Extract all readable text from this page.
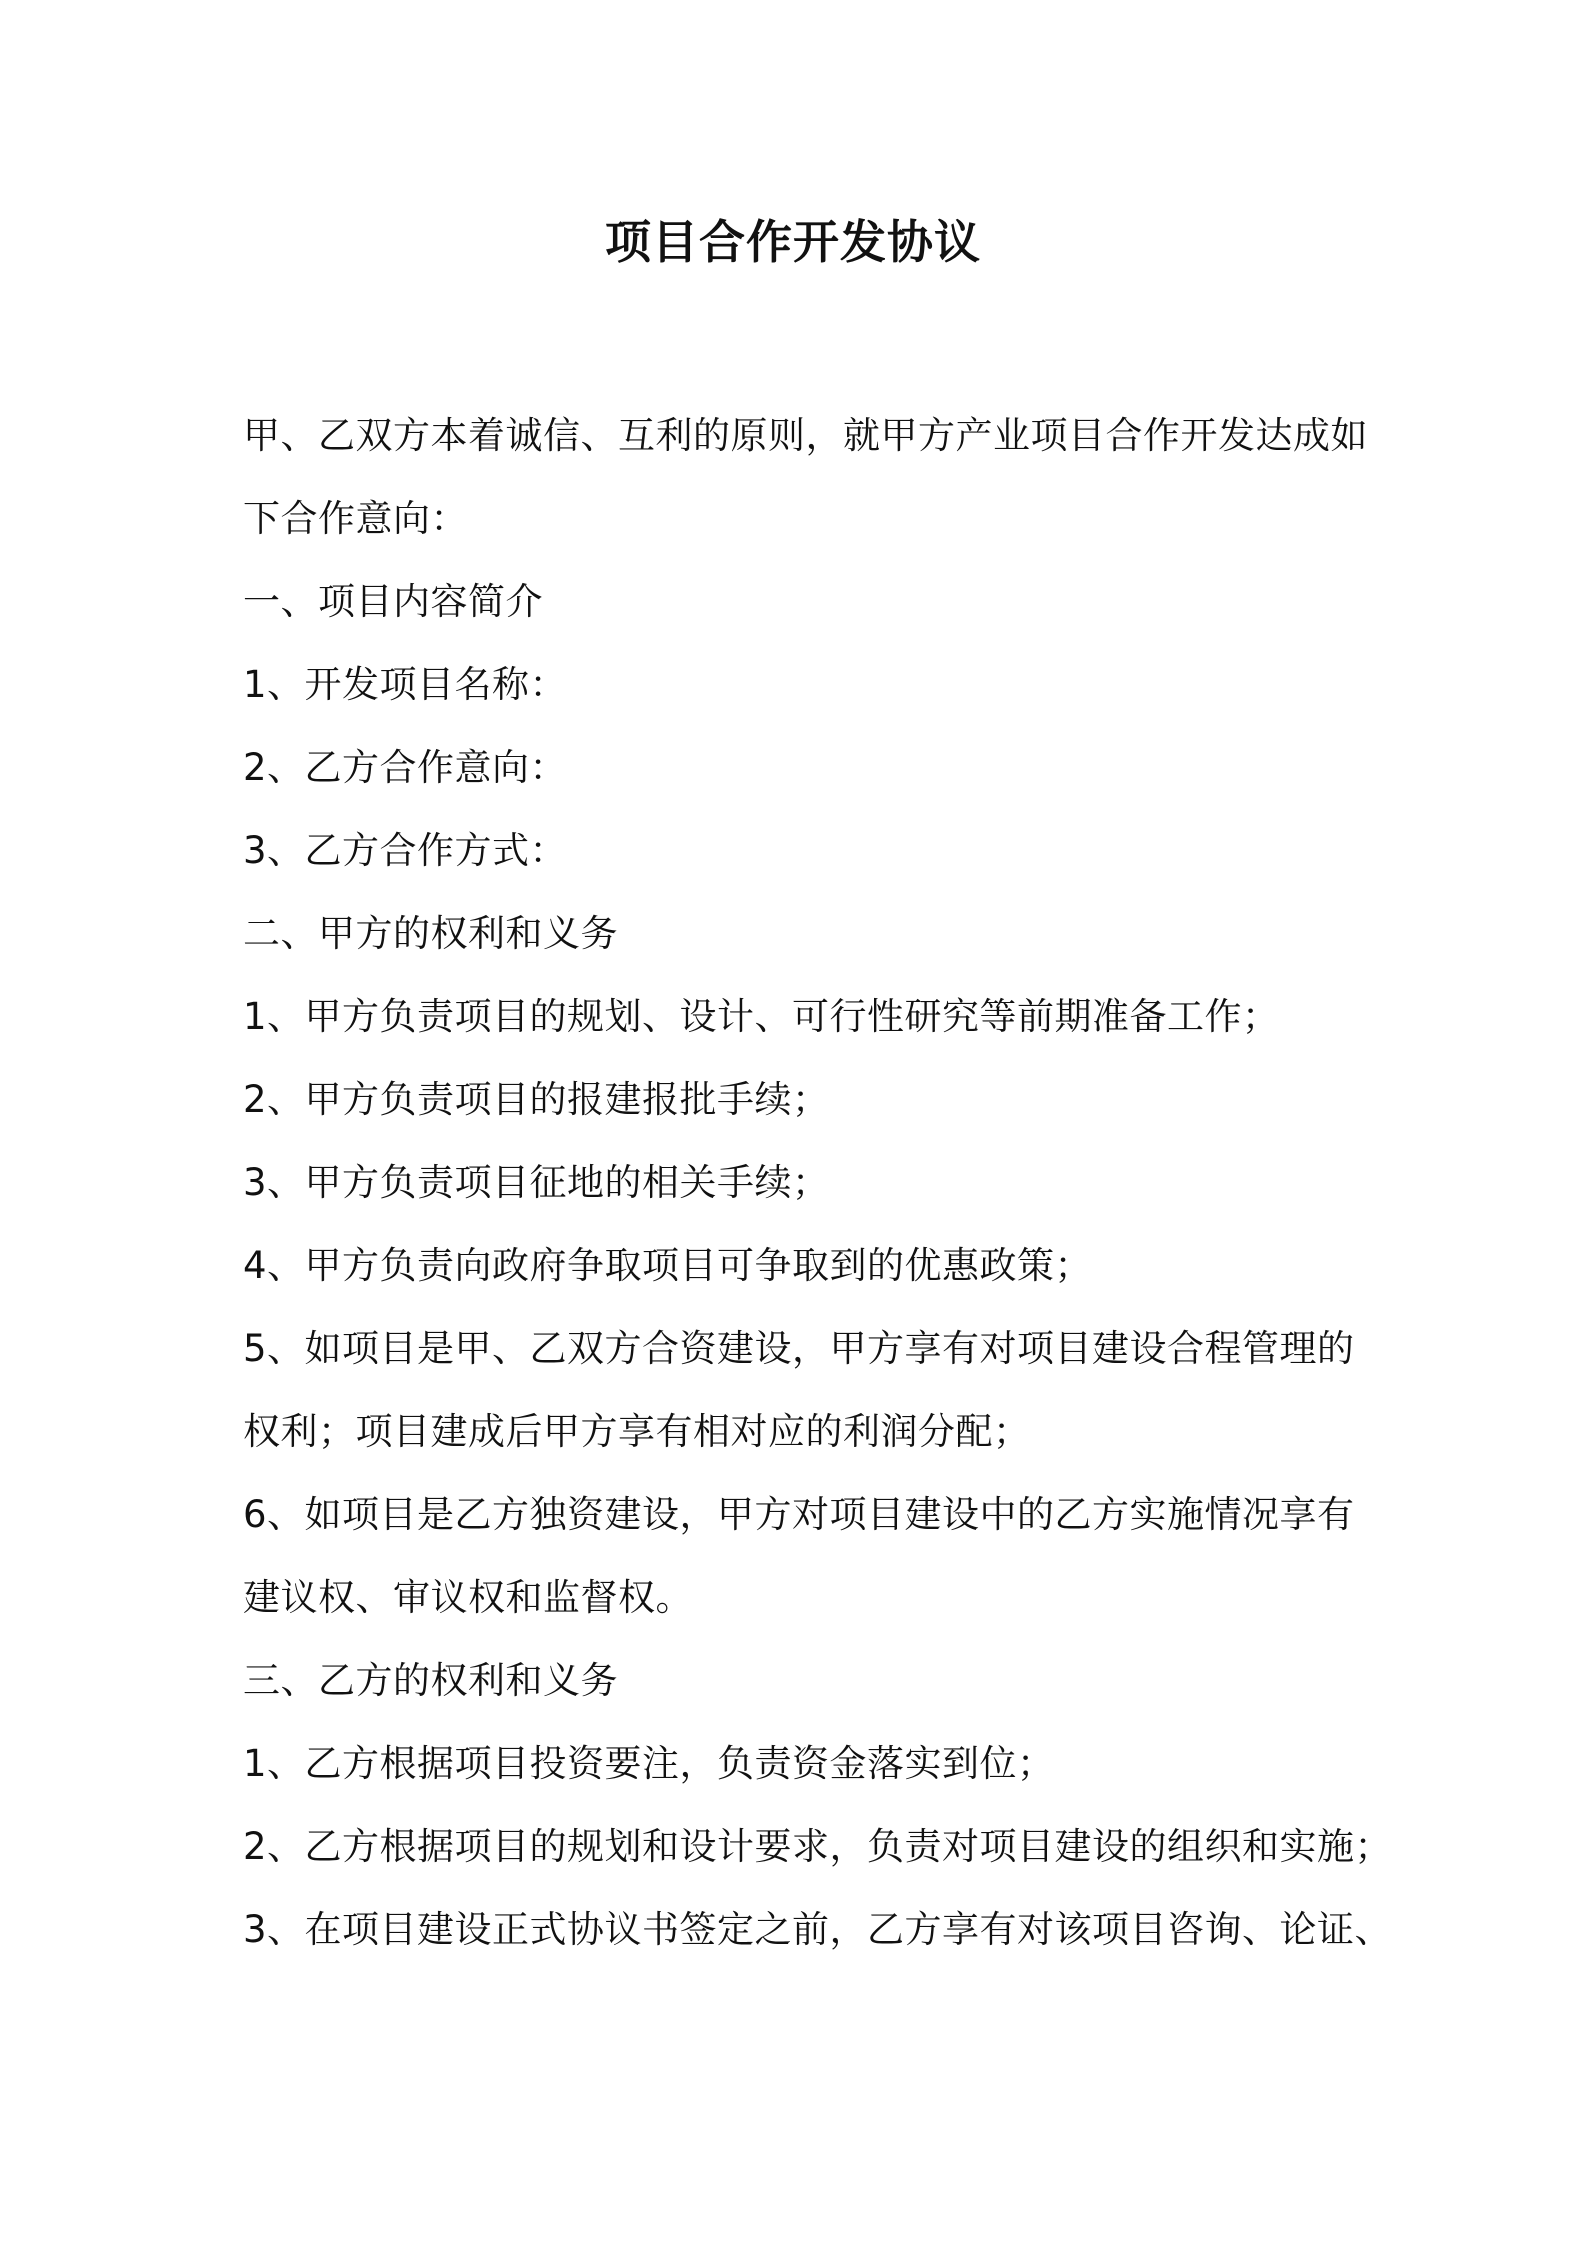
项目合作开发协议
甲、乙双方本着诚信、互利的原则，就甲方产业项目合作开发达成如
下合作意向：
一、项目内容简介
1、开发项目名称：
2、乙方合作意向：
3、乙方合作方式：
二、甲方的权利和义务
1、甲方负责项目的规划、设计、可行性研究等前期准备工作；
2、甲方负责项目的报建报批手续；
3、甲方负责项目征地的相关手续；
4、甲方负责向政府争取项目可争取到的优惠政策；
5、如项目是甲、乙双方合资建设，甲方享有对项目建设合程管理的
权利；项目建成后甲方享有相对应的利润分配；
6、如项目是乙方独资建设，甲方对项目建设中的乙方实施情况享有
建议权、审议权和监督权。
三、乙方的权利和义务
1、乙方根据项目投资要注，负责资金落实到位；
2、乙方根据项目的规划和设计要求，负责对项目建设的组织和实施；
3、在项目建设正式协议书签定之前，乙方享有对该项目咨询、论证、
